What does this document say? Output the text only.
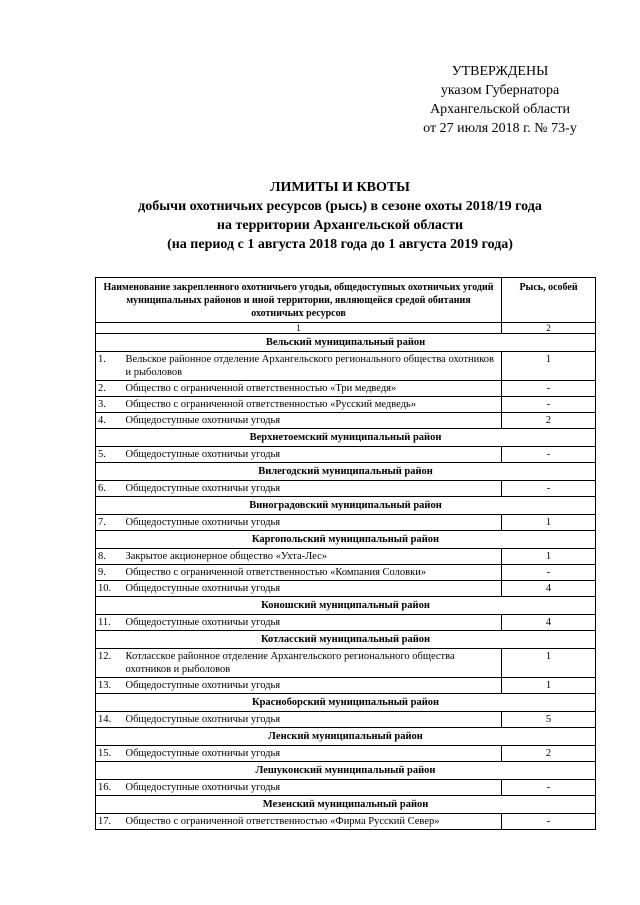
УТВЕРЖДЕНЫ
указом Губернатора
Архангельской области
от 27 июля 2018 г. № 73-у
ЛИМИТЫ И КВОТЫ
добычи охотничьих ресурсов (рысь) в сезоне охоты 2018/19 года
на территории Архангельской области
(на период с 1 августа 2018 года до 1 августа 2019 года)
Наименование закрепленного охотничьего угодья, общедоступных охотничьих угодий муниципальных районов и иной территории, являющейся средой обитания охотничьих ресурсов		Рысь, особей
1		2
Вельский муниципальный район		
1.	Вельское районное отделение Архангельского регионального общества охотников и рыболовов	1
2.	Общество с ограниченной ответственностью «Три медведя»	-
3.	Общество с ограниченной ответственностью «Русский медведь»	-
4.	Общедоступные охотничьи угодья	2
Верхнетоемский муниципальный район		
5.	Общедоступные охотничьи угодья	-
Вилегодский муниципальный район		
6.	Общедоступные охотничьи угодья	-
Виноградовский муниципальный район		
7.	Общедоступные охотничьи угодья	1
Каргопольский муниципальный район		
8.	Закрытое акционерное общество «Ухта-Лес»	1
9.	Общество с ограниченной ответственностью «Компания Соловки»	-
10.	Общедоступные охотничьи угодья	4
Коношский муниципальный район		
11.	Общедоступные охотничьи угодья	4
Котласский муниципальный район		
12.	Котласское районное отделение Архангельского регионального общества охотников и рыболовов	1
13.	Общедоступные охотничьи угодья	1
Красноборский муниципальный район		
14.	Общедоступные охотничьи угодья	5
Ленский муниципальный район		
15.	Общедоступные охотничьи угодья	2
Лешуконский муниципальный район		
16.	Общедоступные охотничьи угодья	-
Мезенский муниципальный район		
17.	Общество с ограниченной ответственностью «Фирма Русский Север»	-
